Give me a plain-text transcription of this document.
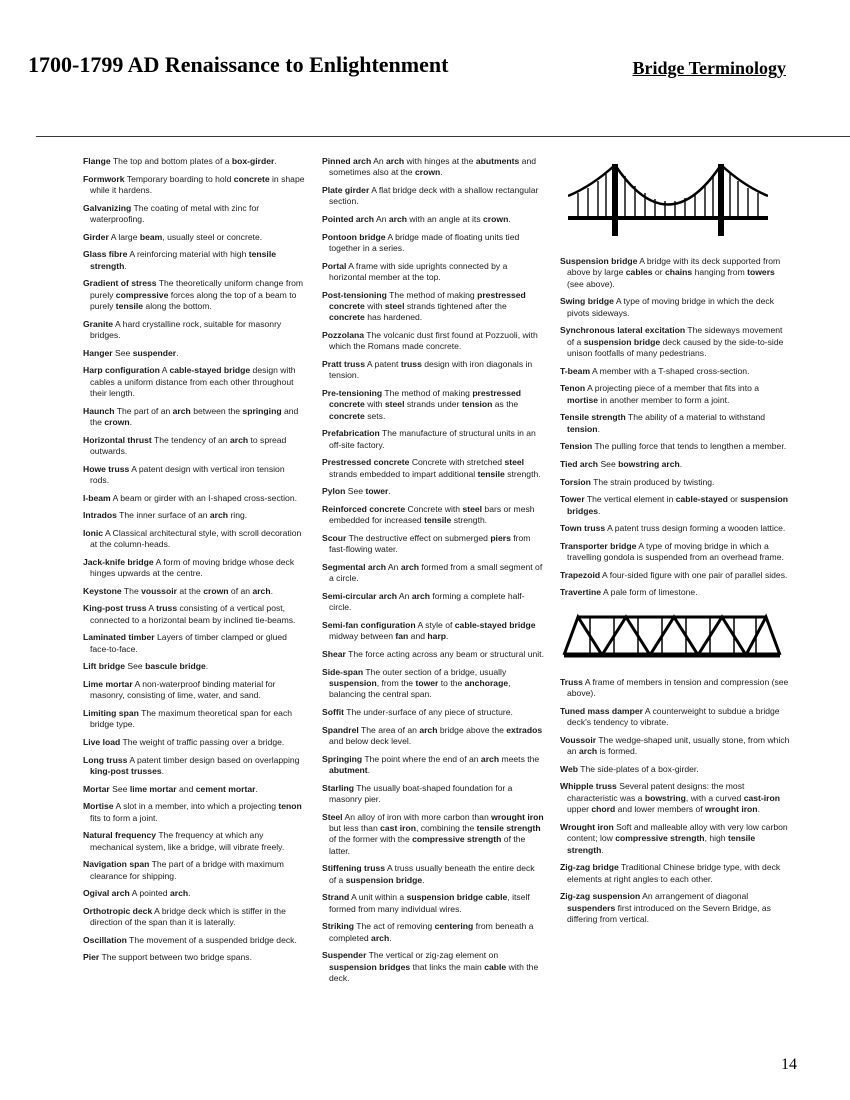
1700-1799 AD Renaissance to Enlightenment	Bridge Terminology

Flange The top and bottom plates of a box-girder.

Formwork Temporary boarding to hold concrete in shape while it hardens.

Galvanizing The coating of metal with zinc for waterproofing.

Girder A large beam, usually steel or concrete.

Glass fibre A reinforcing material with high tensile strength.

Gradient of stress The theoretically uniform change from purely compressive forces along the top of a beam to purely tensile along the bottom.

Granite A hard crystalline rock, suitable for masonry bridges.

Hanger See suspender.

Harp configuration A cable-stayed bridge design with cables a uniform distance from each other throughout their length.

Haunch The part of an arch between the springing and the crown.

Horizontal thrust The tendency of an arch to spread outwards.

Howe truss A patent design with vertical iron tension rods.

I-beam A beam or girder with an I-shaped cross-section.

Intrados The inner surface of an arch ring.

Ionic A Classical architectural style, with scroll decoration at the column-heads.

Jack-knife bridge A form of moving bridge whose deck hinges upwards at the centre.

Keystone The voussoir at the crown of an arch.

King-post truss A truss consisting of a vertical post, connected to a horizontal beam by inclined tie-beams.

Laminated timber Layers of timber clamped or glued face-to-face.

Lift bridge See bascule bridge.

Lime mortar A non-waterproof binding material for masonry, consisting of lime, water, and sand.

Limiting span The maximum theoretical span for each bridge type.

Live load The weight of traffic passing over a bridge.

Long truss A patent timber design based on overlapping king-post trusses.

Mortar See lime mortar and cement mortar.

Mortise A slot in a member, into which a projecting tenon fits to form a joint.

Natural frequency The frequency at which any mechanical system, like a bridge, will vibrate freely.

Navigation span The part of a bridge with maximum clearance for shipping.

Ogival arch A pointed arch.

Orthotropic deck A bridge deck which is stiffer in the direction of the span than it is laterally.

Oscillation The movement of a suspended bridge deck.

Pier The support between two bridge spans.

Pinned arch An arch with hinges at the abutments and sometimes also at the crown.

Plate girder A flat bridge deck with a shallow rectangular section.

Pointed arch An arch with an angle at its crown.

Pontoon bridge A bridge made of floating units tied together in a series.

Portal A frame with side uprights connected by a horizontal member at the top.

Post-tensioning The method of making prestressed concrete with steel strands tightened after the concrete has hardened.

Pozzolana The volcanic dust first found at Pozzuoli, with which the Romans made concrete.

Pratt truss A patent truss design with iron diagonals in tension.

Pre-tensioning The method of making prestressed concrete with steel strands under tension as the concrete sets.

Prefabrication The manufacture of structural units in an off-site factory.

Prestressed concrete Concrete with stretched steel strands embedded to impart additional tensile strength.

Pylon See tower.

Reinforced concrete Concrete with steel bars or mesh embedded for increased tensile strength.

Scour The destructive effect on submerged piers from fast-flowing water.

Segmental arch An arch formed from a small segment of a circle.

Semi-circular arch An arch forming a complete half-circle.

Semi-fan configuration A style of cable-stayed bridge midway between fan and harp.

Shear The force acting across any beam or structural unit.

Side-span The outer section of a bridge, usually suspension, from the tower to the anchorage, balancing the central span.

Soffit The under-surface of any piece of structure.

Spandrel The area of an arch bridge above the extrados and below deck level.

Springing The point where the end of an arch meets the abutment.

Starling The usually boat-shaped foundation for a masonry pier.

Steel An alloy of iron with more carbon than wrought iron but less than cast iron, combining the tensile strength of the former with the compressive strength of the latter.

Stiffening truss A truss usually beneath the entire deck of a suspension bridge.

Strand A unit within a suspension bridge cable, itself formed from many individual wires.

Striking The act of removing centering from beneath a completed arch.

Suspender The vertical or zig-zag element on suspension bridges that links the main cable with the deck.

Suspension bridge A bridge with its deck supported from above by large cables or chains hanging from towers (see above).

Swing bridge A type of moving bridge in which the deck pivots sideways.

Synchronous lateral excitation The sideways movement of a suspension bridge deck caused by the side-to-side unison footfalls of many pedestrians.

T-beam A member with a T-shaped cross-section.

Tenon A projecting piece of a member that fits into a mortise in another member to form a joint.

Tensile strength The ability of a material to withstand tension.

Tension The pulling force that tends to lengthen a member.

Tied arch See bowstring arch.

Torsion The strain produced by twisting.

Tower The vertical element in cable-stayed or suspension bridges.

Town truss A patent truss design forming a wooden lattice.

Transporter bridge A type of moving bridge in which a travelling gondola is suspended from an overhead frame.

Trapezoid A four-sided figure with one pair of parallel sides.

Travertine A pale form of limestone.

Truss A frame of members in tension and compression (see above).

Tuned mass damper A counterweight to subdue a bridge deck's tendency to vibrate.

Voussoir The wedge-shaped unit, usually stone, from which an arch is formed.

Web The side-plates of a box-girder.

Whipple truss Several patent designs: the most characteristic was a bowstring, with a curved cast-iron upper chord and lower members of wrought iron.

Wrought iron Soft and malleable alloy with very low carbon content; low compressive strength, high tensile strength.

Zig-zag bridge Traditional Chinese bridge type, with deck elements at right angles to each other.

Zig-zag suspension An arrangement of diagonal suspenders first introduced on the Severn Bridge, as differing from vertical.

14
